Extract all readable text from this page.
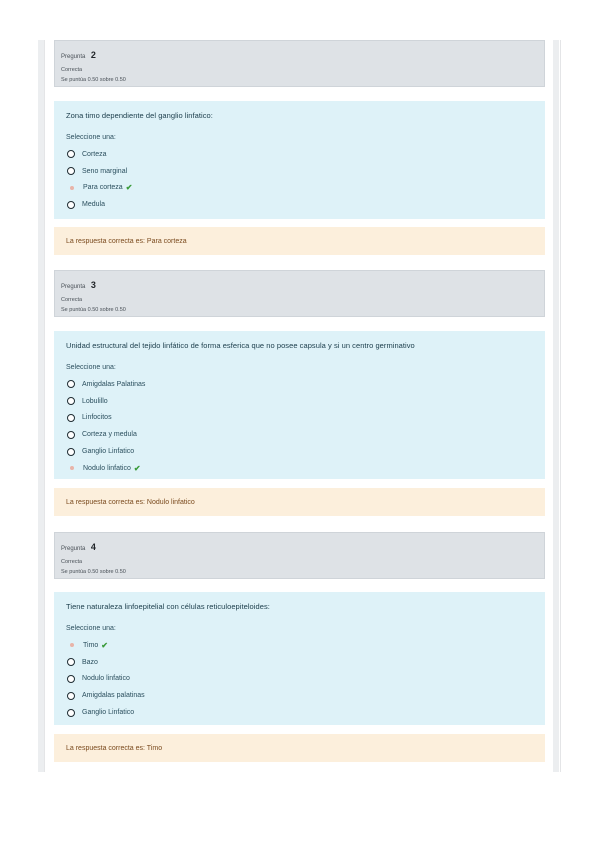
Pregunta 2
Correcta
Se puntúa 0.50 sobre 0.50
Zona timo dependiente del ganglio linfatico:
Seleccione una:
Corteza
Seno marginal
Para corteza ✔
Medula
La respuesta correcta es: Para corteza
Pregunta 3
Correcta
Se puntúa 0.50 sobre 0.50
Unidad estructural del tejido linfático de forma esferica que no posee capsula y si un centro germinativo
Seleccione una:
Amigdalas Palatinas
Lobulillo
Linfocitos
Corteza y medula
Ganglio Linfatico
Nodulo linfatico ✔
La respuesta correcta es: Nodulo linfatico
Pregunta 4
Correcta
Se puntúa 0.50 sobre 0.50
Tiene naturaleza linfoepitelial con células reticuloepiteloides:
Seleccione una:
Timo ✔
Bazo
Nodulo linfatico
Amigdalas palatinas
Ganglio Linfatico
La respuesta correcta es: Timo
